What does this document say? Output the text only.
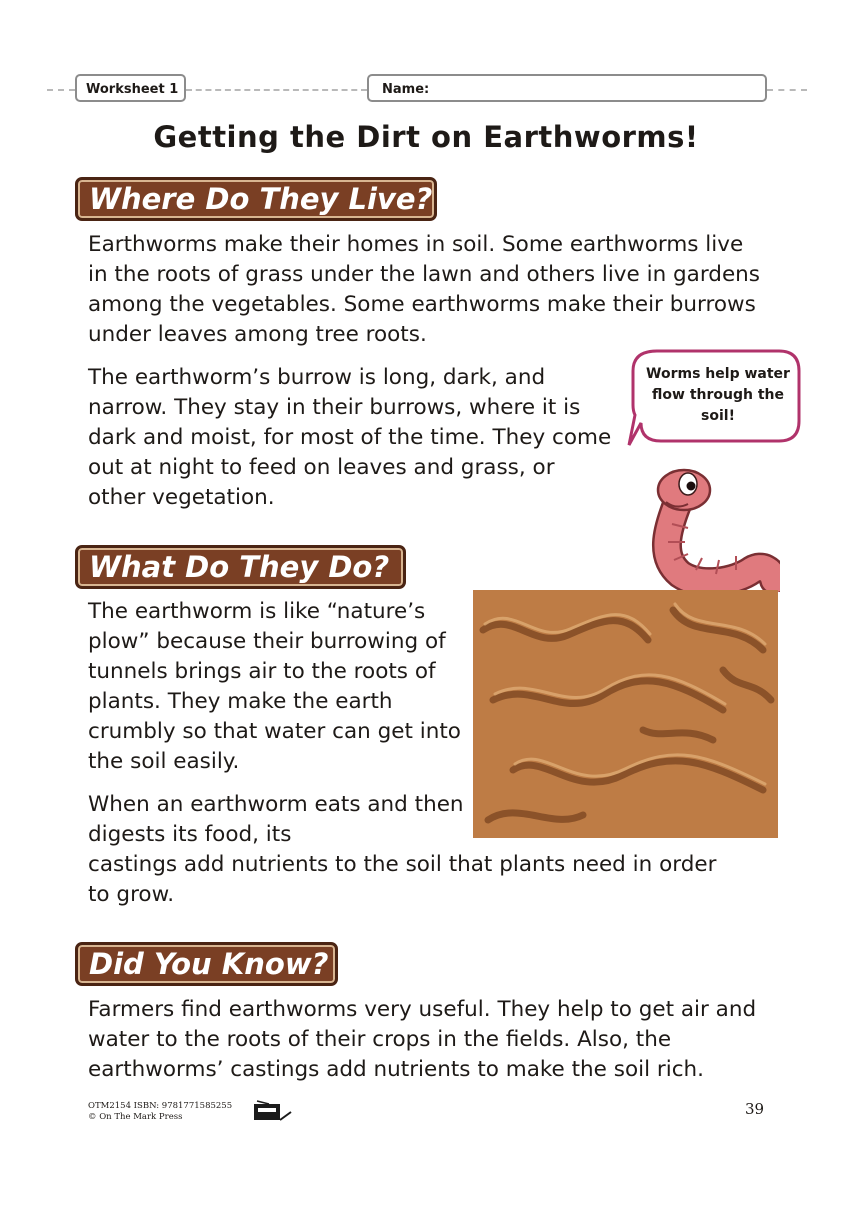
Worksheet 1	Name:
Getting the Dirt on Earthworms!
Where Do They Live?

Earthworms make their homes in soil. Some earthworms live in the roots of grass under the lawn and others live in gardens among the vegetables. Some earthworms make their burrows under leaves among tree roots.

The earthworm’s burrow is long, dark, and narrow. They stay in their burrows, where it is dark and moist, for most of the time. They come out at night to feed on leaves and grass, or other vegetation.

Worms help water flow through the soil!
What Do They Do?

The earthworm is like “nature’s plow” because their burrowing of tunnels brings air to the roots of plants. They make the earth crumbly so that water can get into the soil easily.

When an earthworm eats and then digests its food, its

castings add nutrients to the soil that plants need in order to grow.

Did You Know?

Farmers find earthworms very useful. They help to get air and water to the roots of their crops in the fields. Also, the earthworms’ castings add nutrients to make the soil rich.

OTM2154 ISBN: 9781771585255
© On The Mark Press	39
